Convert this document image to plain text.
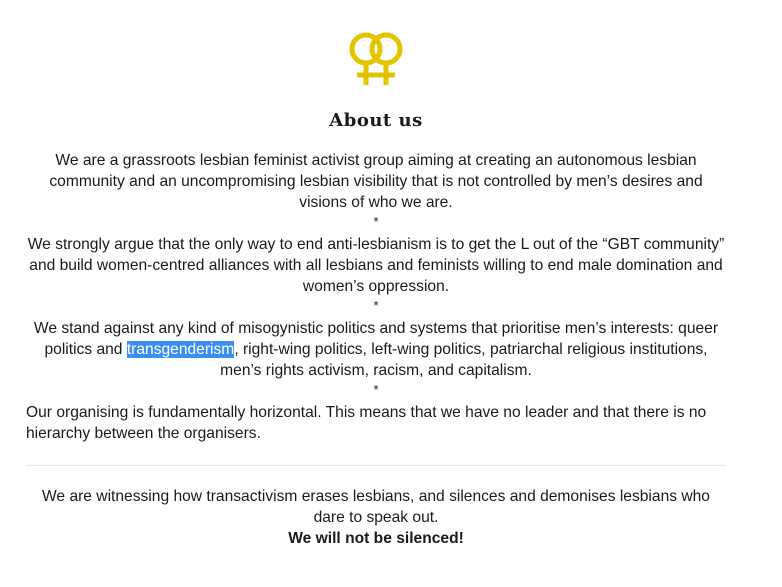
About us

We are a grassroots lesbian feminist activist group aiming at creating an autonomous lesbian community and an uncompromising lesbian visibility that is not controlled by men’s desires and visions of who we are.

*

We strongly argue that the only way to end anti-lesbianism is to get the L out of the “GBT community” and build women-centred alliances with all lesbians and feminists willing to end male domination and women’s oppression.

*

We stand against any kind of misogynistic politics and systems that prioritise men’s interests: queer politics and transgenderism, right-wing politics, left-wing politics, patriarchal religious institutions, men’s rights activism, racism, and capitalism.

*

Our organising is fundamentally horizontal. This means that we have no leader and that there is no hierarchy between the organisers.

We are witnessing how transactivism erases lesbians, and silences and demonises lesbians who dare to speak out.

We will not be silenced!
